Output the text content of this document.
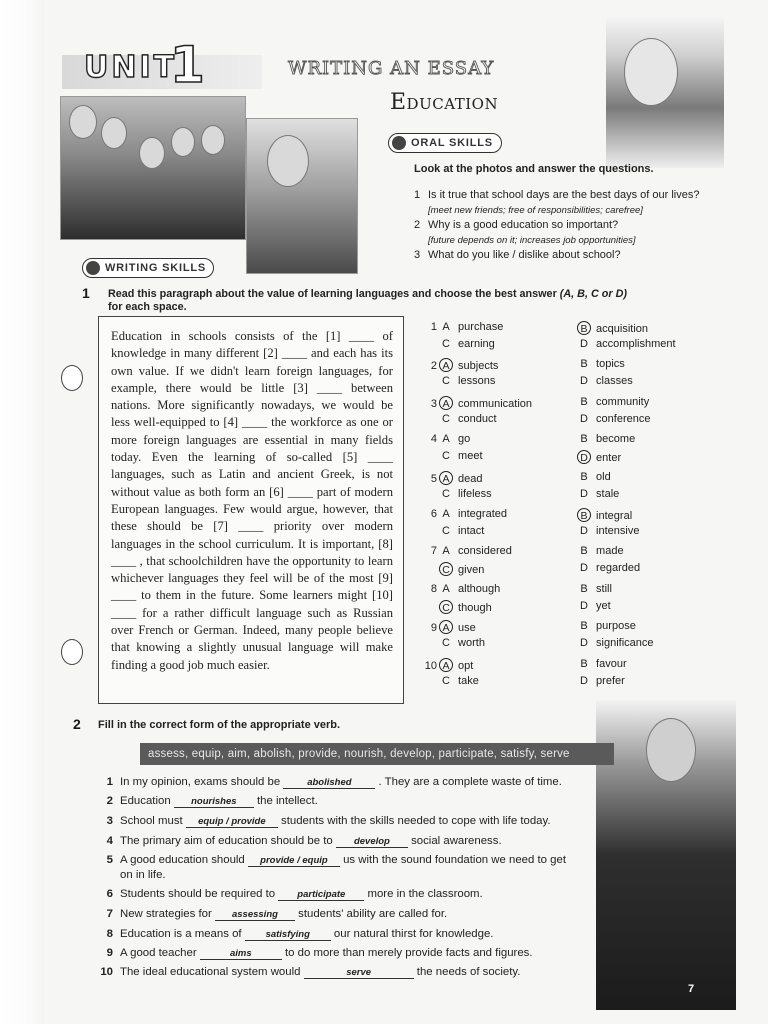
UNIT
1	WRITING AN ESSAY
Education
ORAL SKILLS
Look at the photos and answer the questions.
1 Is it true that school days are the best days of our lives?
[meet new friends; free of responsibilities; carefree]
2 Why is a good education so important?
[future depends on it; increases job opportunities]
3 What do you like / dislike about school?
WRITING SKILLS
1 Read this paragraph about the value of learning languages and choose the best answer (A, B, C or D)
for each space.

Education in schools consists of the [1] ____ of knowledge in many different [2] ____ and each has its own value. If we didn't learn foreign languages, for example, there would be little [3] ____ between nations. More significantly nowadays, we would be less well-equipped to [4] ____ the workforce as one or more foreign languages are essential in many fields today. Even the learning of so-called [5] ____ languages, such as Latin and ancient Greek, is not without value as both form an [6] ____ part of modern European languages. Few would argue, however, that these should be [7] ____ priority over modern languages in the school curriculum. It is important, [8] ____ , that schoolchildren have the opportunity to learn whichever languages they feel will be of the most [9] ____ to them in the future. Some learners might [10] ____ for a rather difficult language such as Russian over French or German. Indeed, many people believe that knowing a slightly unusual language will make finding a good job much easier.

1A purchase	B acquisition
C earning	D accomplishment
2A subjects	B topics
C lessons	D classes
3A communication	B community
C conduct	D conference
4A go	B become
C meet	D enter
5A dead	B old
C lifeless	D stale
6A integrated	B integral
C intact	D intensive
7A considered	B made
C given	D regarded
8A although	B still
C though	D yet
9A use	B purpose
C worth	D significance
10A opt	B favour
C take	D prefer
2 Fill in the correct form of the appropriate verb.
assess, equip, aim, abolish, provide, nourish, develop, participate, satisfy, serve
1 In my opinion, exams should be	abolished . They are a complete waste of time.
2 Education nourishes the intellect.
3 School must equip / provide students with the skills needed to cope with life today.
4 The primary aim of education should be to develop social awareness.
5 A good education should provide / equip us with the sound foundation we need to get
on in life.
6 Students should be required to participate more in the classroom.
7 New strategies for assessing students' ability are called for.
8 Education is a means of satisfying our natural thirst for knowledge.
9 A good teacher	aims	to do more than merely provide facts and figures.
10 The ideal educational system would	serve	the needs of society.
7
